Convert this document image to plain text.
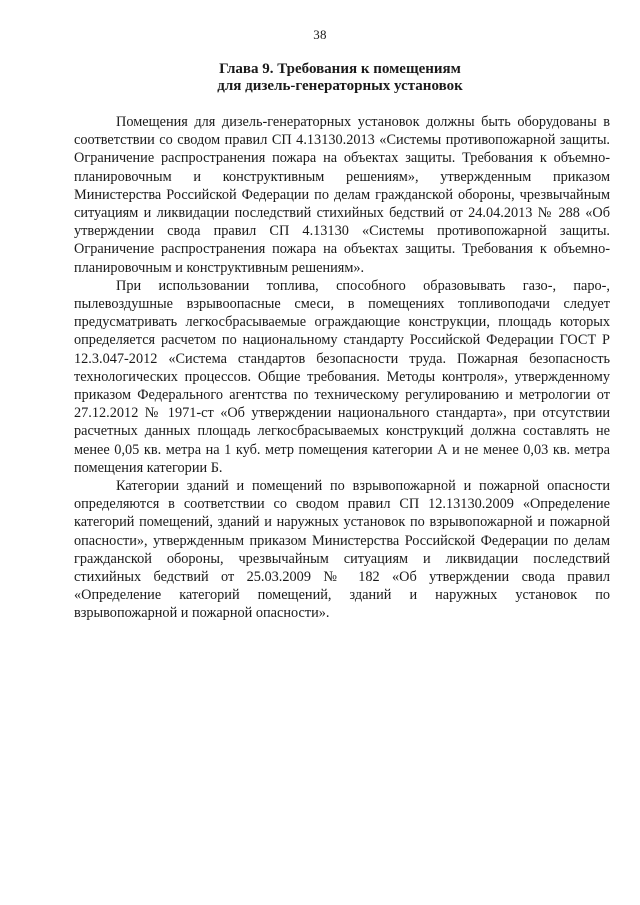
38
Глава 9. Требования к помещениям
для дизель-генераторных установок

Помещения для дизель-генераторных установок должны быть оборудованы в соответствии со сводом правил СП 4.13130.2013 «Системы противопожарной защиты. Ограничение распространения пожара на объектах защиты. Требования к объемно-планировочным и конструктивным решениям», утвержденным приказом Министерства Российской Федерации по делам гражданской обороны, чрезвычайным ситуациям и ликвидации последствий стихийных бедствий от 24.04.2013 № 288 «Об утверждении свода правил СП 4.13130 «Системы противопожарной защиты. Ограничение распространения пожара на объектах защиты. Требования к объемно-планировочным и конструктивным решениям».

При использовании топлива, способного образовывать газо-, паро-, пылевоздушные взрывоопасные смеси, в помещениях топливоподачи следует предусматривать легкосбрасываемые ограждающие конструкции, площадь которых определяется расчетом по национальному стандарту Российской Федерации ГОСТ Р 12.3.047-2012 «Система стандартов безопасности труда. Пожарная безопасность технологических процессов. Общие требования. Методы контроля», утвержденному приказом Федерального агентства по техническому регулированию и метрологии от 27.12.2012 № 1971-ст «Об утверждении национального стандарта», при отсутствии расчетных данных площадь легкосбрасываемых конструкций должна составлять не менее 0,05 кв. метра на 1 куб. метр помещения категории А и не менее 0,03 кв. метра помещения категории Б.

Категории зданий и помещений по взрывопожарной и пожарной опасности определяются в соответствии со сводом правил СП 12.13130.2009 «Определение категорий помещений, зданий и наружных установок по взрывопожарной и пожарной опасности», утвержденным приказом Министерства Российской Федерации по делам гражданской обороны, чрезвычайным ситуациям и ликвидации последствий стихийных бедствий от 25.03.2009 № 182 «Об утверждении свода правил «Определение категорий помещений, зданий и наружных установок по взрывопожарной и пожарной опасности».
